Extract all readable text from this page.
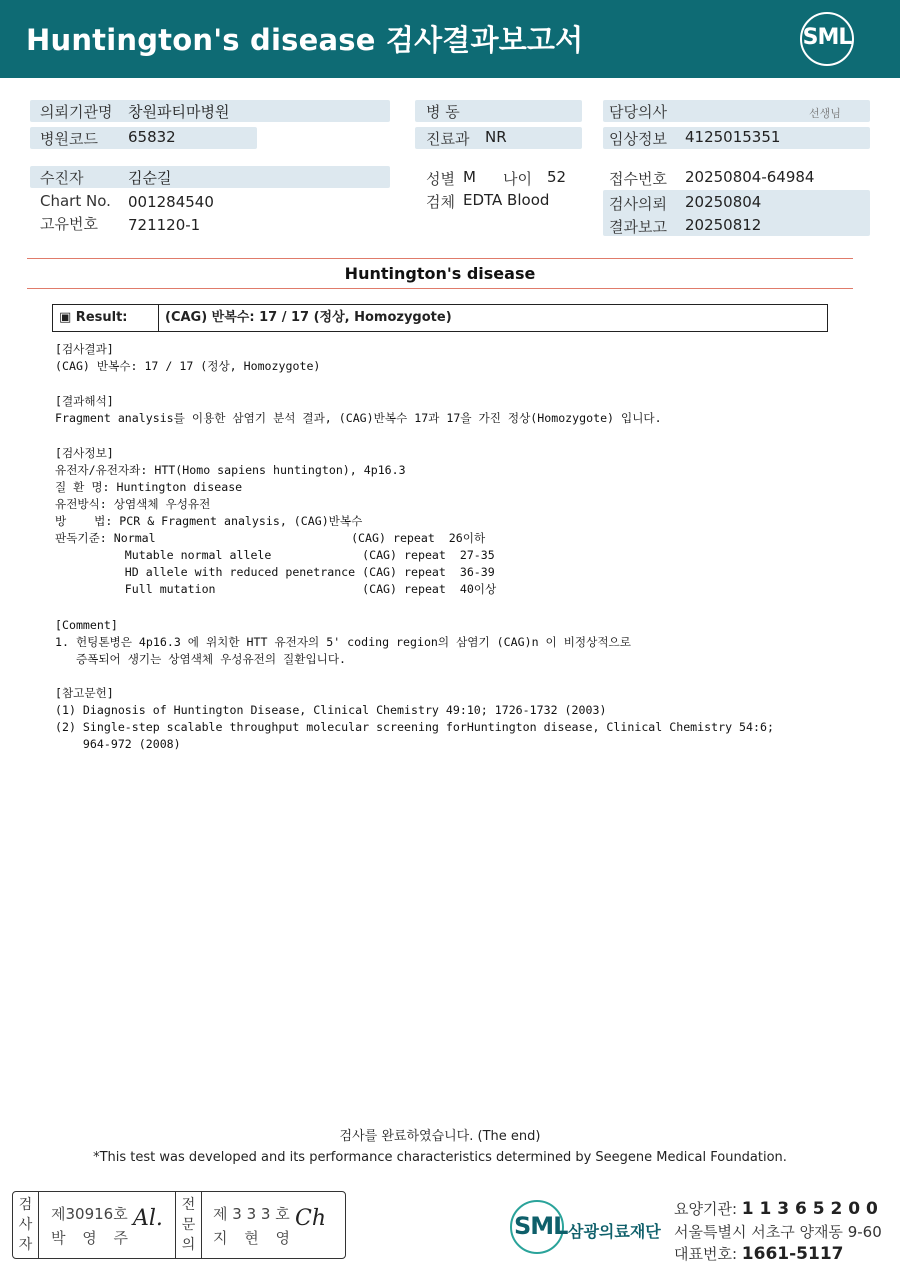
Huntington's disease 검사결과보고서	SML
의뢰기관명 창원파티마병원
병원코드 65832
병 동
진료과 NR
담당의사	선생님
임상정보 4125015351
수진자	김순길
Chart No. 001284540
고유번호 721120-1
성별 M 나이 52
검체 EDTA Blood
접수번호 20250804-64984
검사의뢰 20250804
결과보고 20250812
Huntington's disease
▣ Result:	(CAG) 반복수: 17 / 17 (정상, Homozygote)
[검사결과]
(CAG) 반복수: 17 / 17 (정상, Homozygote)
[결과해석]
Fragment analysis를 이용한 삼염기 분석 결과, (CAG)반복수 17과 17을 가진 정상(Homozygote) 입니다.
[검사정보]
유전자/유전자좌: HTT(Homo sapiens huntington), 4p16.3
질 환 명: Huntington disease
유전방식: 상염색체 우성유전
방    법: PCR & Fragment analysis, (CAG)반복수
판독기준: Normal                            (CAG) repeat  26이하
Mutable normal allele             (CAG) repeat  27-35
HD allele with reduced penetrance (CAG) repeat  36-39
Full mutation                     (CAG) repeat  40이상
[Comment]
1. 헌팅톤병은 4p16.3 에 위치한 HTT 유전자의 5' coding region의 삼염기 (CAG)n 이 비정상적으로
증폭되어 생기는 상염색체 우성유전의 질환입니다.
[참고문헌]
(1) Diagnosis of Huntington Disease, Clinical Chemistry 49:10; 1726-1732 (2003)
(2) Single-step scalable throughput molecular screening forHuntington disease, Clinical Chemistry 54:6;
964-972 (2008)
검사를 완료하였습니다. (The end)
*This test was developed and its performance characteristics determined by Seegene Medical Foundation.
검사자
제30916호
박 영 주
Al.
전문의
제 3 3 3 호
지 현 영
Ch	SML 삼광의료재단
요양기관: 1 1 3 6 5 2 0 0
서울특별시 서초구 양재동 9-60
대표번호: 1661-5117
